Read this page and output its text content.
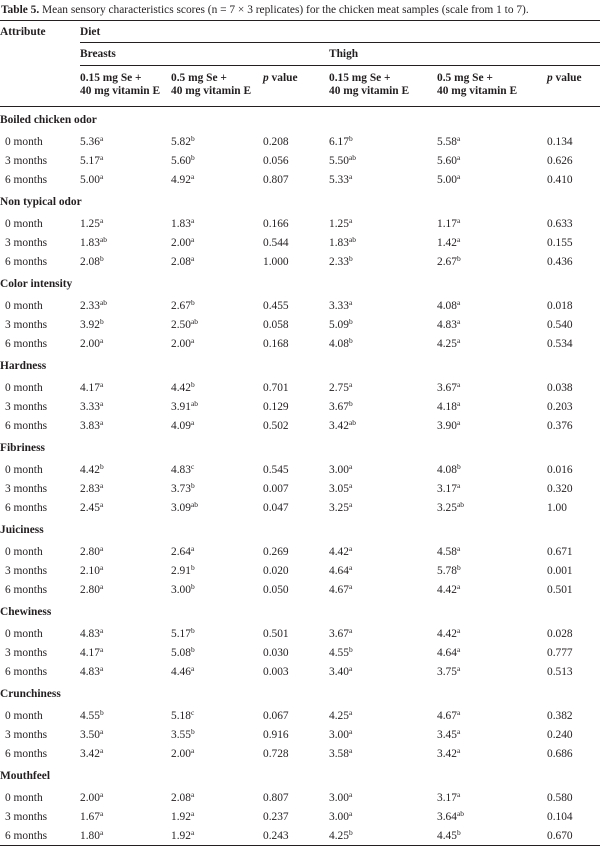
Table 5. Mean sensory characteristics scores (n = 7 × 3 replicates) for the chicken meat samples (scale from 1 to 7).
Attribute	Diet					
	Breasts			Thigh		
	0.15 mg Se +
40 mg vitamin E	0.5 mg Se +
40 mg vitamin E	p value	0.15 mg Se +
40 mg vitamin E	0.5 mg Se +
40 mg vitamin E	p value
Boiled chicken odor						
0 month	5.36$^a$	5.82$^b$	0.208	6.17$^b$	5.58$^a$	0.134
3 months	5.17$^a$	5.60$^b$	0.056	5.50$^{ab}$	5.60$^a$	0.626
6 months	5.00$^a$	4.92$^a$	0.807	5.33$^a$	5.00$^a$	0.410
Non typical odor						
0 month	1.25$^a$	1.83$^a$	0.166	1.25$^a$	1.17$^a$	0.633
3 months	1.83$^{ab}$	2.00$^a$	0.544	1.83$^{ab}$	1.42$^a$	0.155
6 months	2.08$^b$	2.08$^a$	1.000	2.33$^b$	2.67$^b$	0.436
Color intensity						
0 month	2.33$^{ab}$	2.67$^b$	0.455	3.33$^a$	4.08$^a$	0.018
3 months	3.92$^b$	2.50$^{ab}$	0.058	5.09$^b$	4.83$^a$	0.540
6 months	2.00$^a$	2.00$^a$	0.168	4.08$^b$	4.25$^a$	0.534
Hardness						
0 month	4.17$^a$	4.42$^b$	0.701	2.75$^a$	3.67$^a$	0.038
3 months	3.33$^a$	3.91$^{ab}$	0.129	3.67$^b$	4.18$^a$	0.203
6 months	3.83$^a$	4.09$^a$	0.502	3.42$^{ab}$	3.90$^a$	0.376
Fibriness						
0 month	4.42$^b$	4.83$^c$	0.545	3.00$^a$	4.08$^b$	0.016
3 months	2.83$^a$	3.73$^b$	0.007	3.05$^a$	3.17$^a$	0.320
6 months	2.45$^a$	3.09$^{ab}$	0.047	3.25$^a$	3.25$^{ab}$	1.00
Juiciness						
0 month	2.80$^a$	2.64$^a$	0.269	4.42$^a$	4.58$^a$	0.671
3 months	2.10$^a$	2.91$^b$	0.020	4.64$^a$	5.78$^b$	0.001
6 months	2.80$^a$	3.00$^b$	0.050	4.67$^a$	4.42$^a$	0.501
Chewiness						
0 month	4.83$^a$	5.17$^b$	0.501	3.67$^a$	4.42$^a$	0.028
3 months	4.17$^a$	5.08$^b$	0.030	4.55$^b$	4.64$^a$	0.777
6 months	4.83$^a$	4.46$^a$	0.003	3.40$^a$	3.75$^a$	0.513
Crunchiness						
0 month	4.55$^b$	5.18$^c$	0.067	4.25$^a$	4.67$^a$	0.382
3 months	3.50$^a$	3.55$^b$	0.916	3.00$^a$	3.45$^a$	0.240
6 months	3.42$^a$	2.00$^a$	0.728	3.58$^a$	3.42$^a$	0.686
Mouthfeel						
0 month	2.00$^a$	2.08$^a$	0.807	3.00$^a$	3.17$^a$	0.580
3 months	1.67$^a$	1.92$^a$	0.237	3.00$^a$	3.64$^{ab}$	0.104
6 months	1.80$^a$	1.92$^a$	0.243	4.25$^b$	4.45$^b$	0.670
